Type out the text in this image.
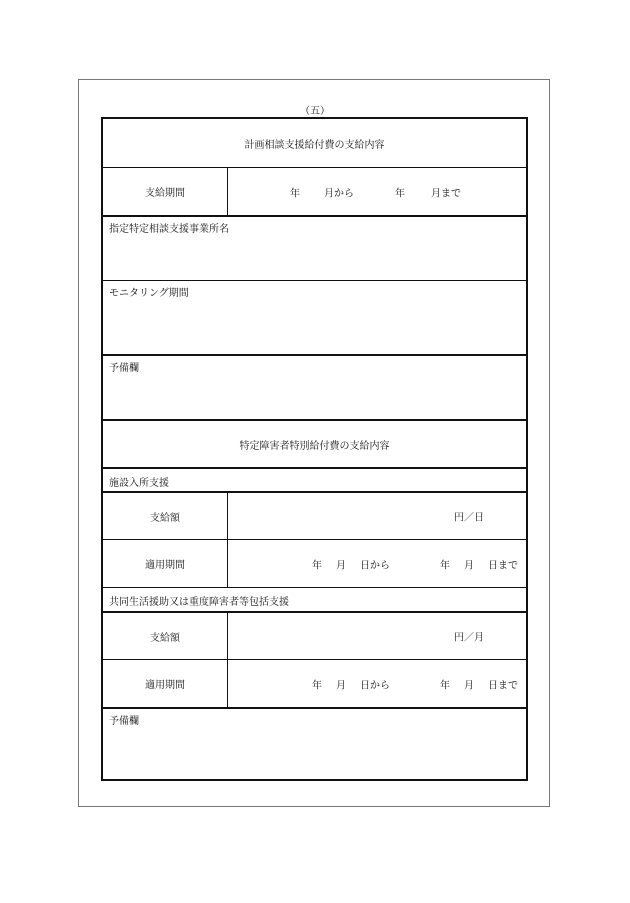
（五）
計画相談支援給付費の支給内容
支給期間	年 月から	年	月まで
指定特定相談支援事業所名
モニタリング期間
予備欄
特定障害者特別給付費の支給内容
施設入所支援
支給額	円／日
適用期間	年 月 日から	年 月 日まで
共同生活援助又は重度障害者等包括支援
支給額	円／月
適用期間	年 月 日から	年 月 日まで
予備欄
